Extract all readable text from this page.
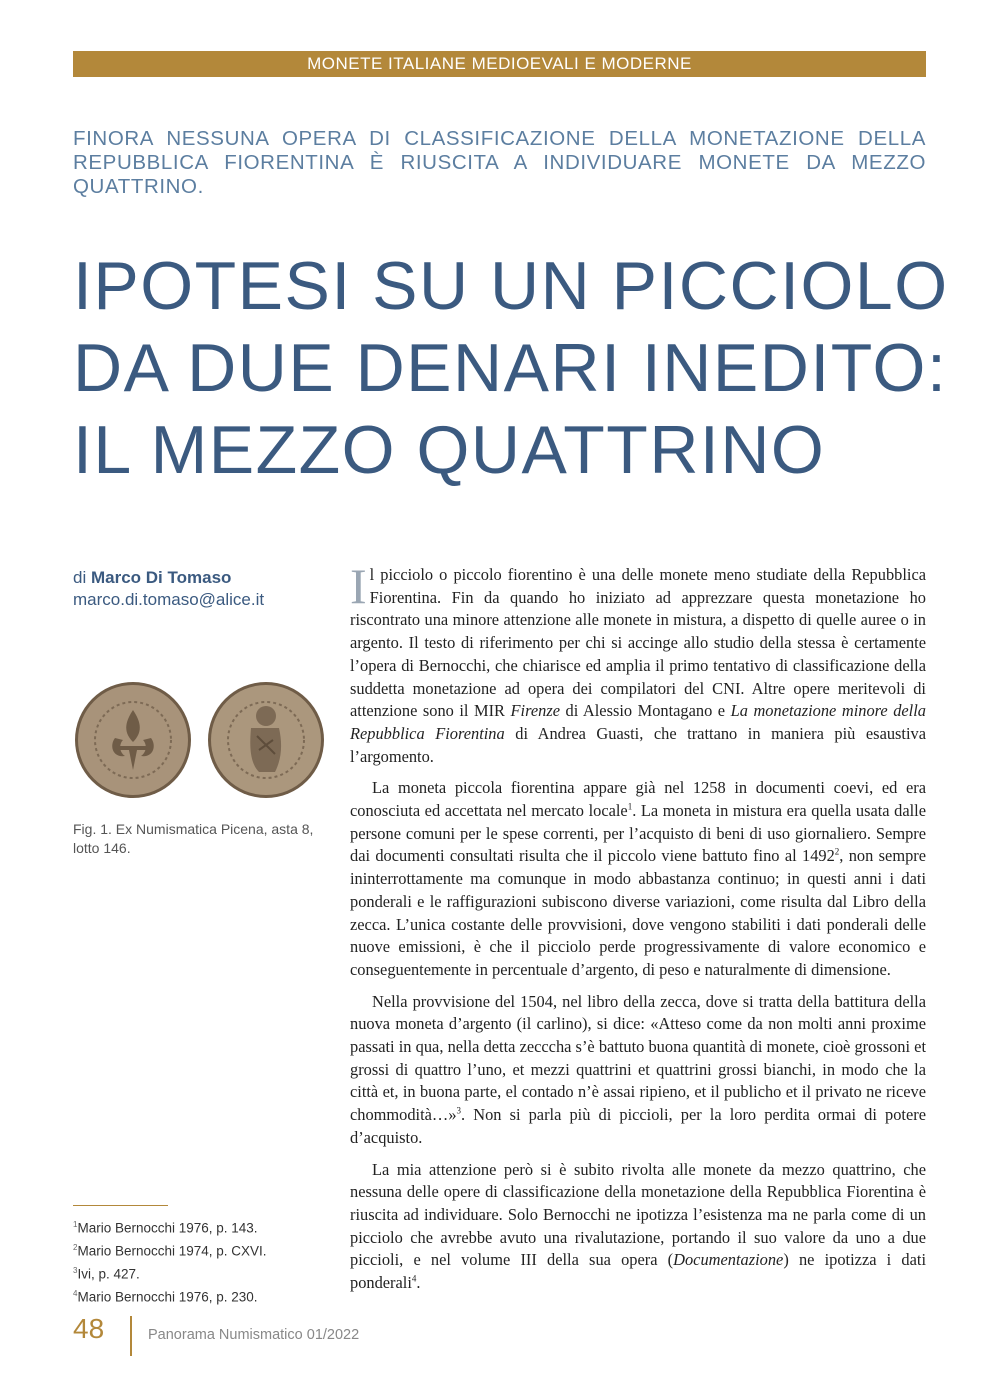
MONETE ITALIANE MEDIOEVALI E MODERNE
FINORA NESSUNA OPERA DI CLASSIFICAZIONE DELLA MONETAZIONE DELLA REPUBBLICA FIORENTINA È RIUSCITA A INDIVIDUARE MONETE DA MEZZO QUATTRINO.
IPOTESI SU UN PICCIOLO
DA DUE DENARI INEDITO:
IL MEZZO QUATTRINO
di Marco Di Tomaso
marco.di.tomaso@alice.it
Fig. 1. Ex Numismatica Picena, asta 8, lotto 146.
$^1$Mario Bernocchi 1976, p. 143.
$^2$Mario Bernocchi 1974, p. CXVI.
$^3$Ivi, p. 427.
$^4$Mario Bernocchi 1976, p. 230.

Il picciolo o piccolo fiorentino è una delle monete meno studiate della Repubblica Fiorentina. Fin da quando ho iniziato ad apprezzare questa monetazione ho riscontrato una minore attenzione alle monete in mistura, a dispetto di quelle auree o in argento. Il testo di riferimento per chi si accinge allo studio della stessa è certamente l’opera di Bernocchi, che chiarisce ed amplia il primo tentativo di classificazione della suddetta monetazione ad opera dei compilatori del CNI. Altre opere meritevoli di attenzione sono il MIR Firenze di Alessio Montagano e La monetazione minore della Repubblica Fiorentina di Andrea Guasti, che trattano in maniera più esaustiva l’argomento.

La moneta piccola fiorentina appare già nel 1258 in documenti coevi, ed era conosciuta ed accettata nel mercato locale$^1$. La moneta in mistura era quella usata dalle persone comuni per le spese correnti, per l’acquisto di beni di uso giornaliero. Sempre dai documenti consultati risulta che il piccolo viene battuto fino al 1492$^2$, non sempre ininterrottamente ma comunque in modo abbastanza continuo; in questi anni i dati ponderali e le raffigurazioni subiscono diverse variazioni, come risulta dal Libro della zecca. L’unica costante delle provvisioni, dove vengono stabiliti i dati ponderali delle nuove emissioni, è che il picciolo perde progressivamente di valore economico e conseguentemente in percentuale d’argento, di peso e naturalmente di dimensione.

Nella provvisione del 1504, nel libro della zecca, dove si tratta della battitura della nuova moneta d’argento (il carlino), si dice: «Atteso come da non molti anni proxime passati in qua, nella detta zecccha s’è battuto buona quantità di monete, cioè grossoni et grossi di quattro l’uno, et mezzi quattrini et quattrini grossi bianchi, in modo che la città et, in buona parte, el contado n’è assai ripieno, et il publicho et il privato ne riceve chommodità…»$^3$. Non si parla più di piccioli, per la loro perdita ormai di potere d’acquisto.

La mia attenzione però si è subito rivolta alle monete da mezzo quattrino, che nessuna delle opere di classificazione della monetazione della Repubblica Fiorentina è riuscita ad individuare. Solo Bernocchi ne ipotizza l’esistenza ma ne parla come di un picciolo che avrebbe avuto una rivalutazione, portando il suo valore da uno a due piccioli, e nel volume III della sua opera (Documentazione) ne ipotizza i dati ponderali$^4$.

48	Panorama Numismatico 01/2022
